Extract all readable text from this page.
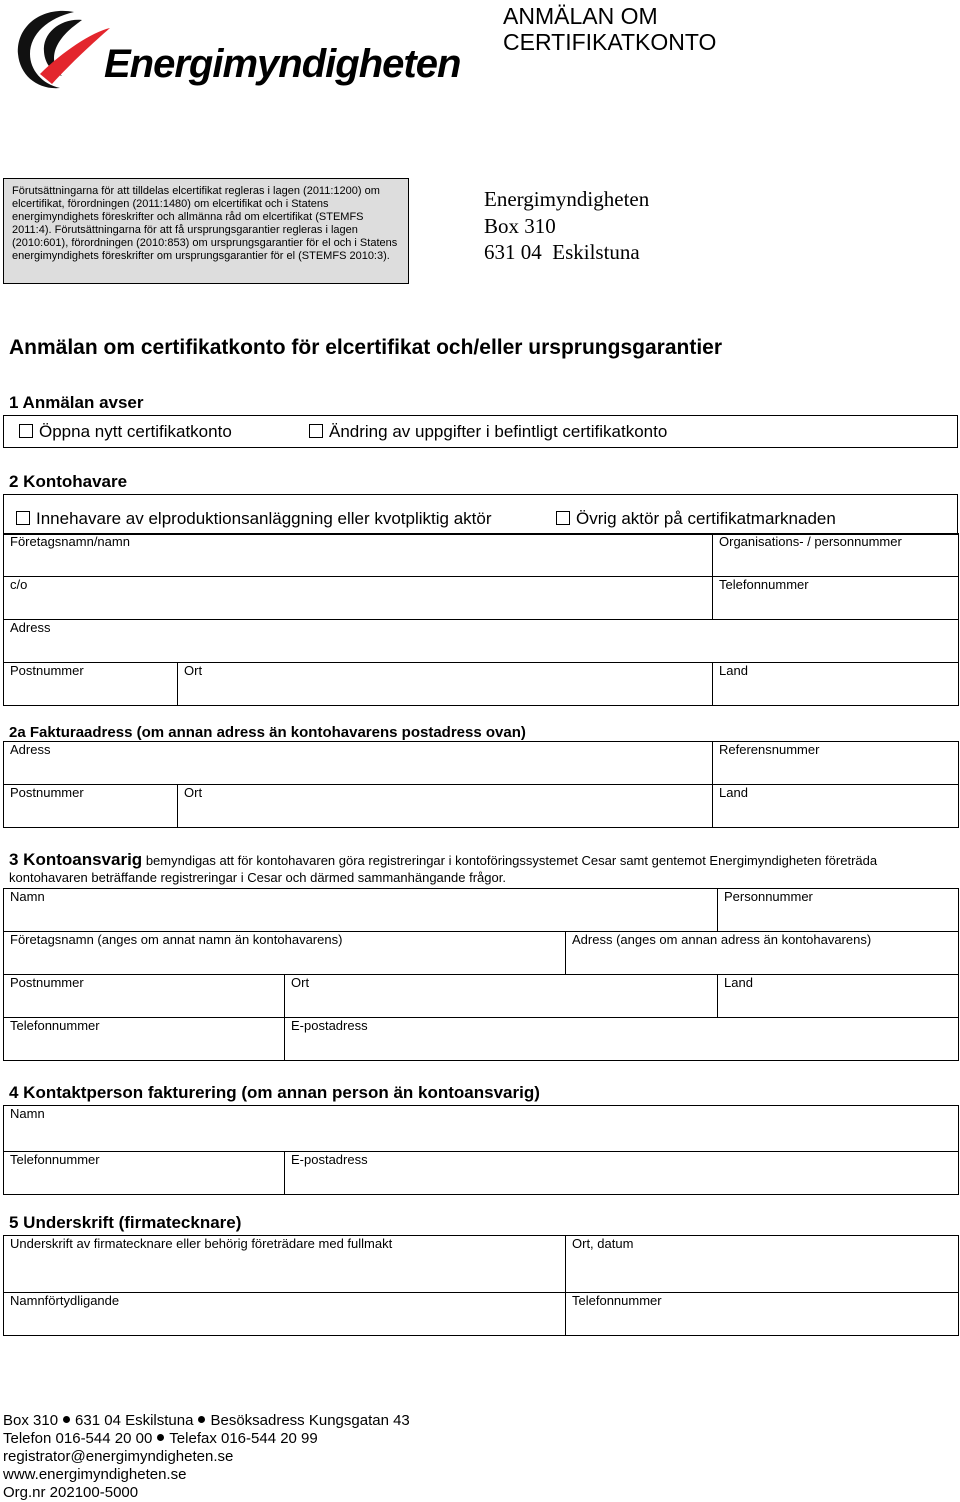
Energimyndigheten
ANMÄLAN OM
CERTIFIKATKONTO
Förutsättningarna för att tilldelas elcertifikat regleras i lagen (2011:1200) om elcertifikat, förordningen (2011:1480) om elcertifikat och i Statens energimyndighets föreskrifter och allmänna råd om elcertifikat (STEMFS 2011:4). Förutsättningarna för att få ursprungsgarantier regleras i lagen (2010:601), förordningen (2010:853) om ursprungsgarantier för el och i Statens energimyndighets föreskrifter om ursprungsgarantier för el (STEMFS 2010:3).
Energimyndigheten
Box 310
631 04  Eskilstuna
Anmälan om certifikatkonto för elcertifikat och/eller ursprungsgarantier
1 Anmälan avser
Öppna nytt certifikatkonto	Ändring av uppgifter i befintligt certifikatkonto
2 Kontohavare
Innehavare av elproduktionsanläggning eller kvotpliktig aktör	Övrig aktör på certifikatmarknaden
Företagsnamn/namn		Organisations- / personnummer
c/o		Telefonnummer
Adress		
Postnummer	Ort	Land
2a Fakturaadress (om annan adress än kontohavarens postadress ovan)
Adress		Referensnummer
Postnummer	Ort	Land
3 Kontoansvarig bemyndigas att för kontohavaren göra registreringar i kontoföringssystemet Cesar samt gentemot Energimyndigheten företräda kontohavaren beträffande registreringar i Cesar och därmed sammanhängande frågor.
Namn			Personnummer
Företagsnamn (anges om annat namn än kontohavarens)		Adress (anges om annan adress än kontohavarens)	
Postnummer	Ort		Land
Telefonnummer	E-postadress		
4 Kontaktperson fakturering (om annan person än kontoansvarig)
Namn
Telefonnummer	E-postadress
5 Underskrift (firmatecknare)
Underskrift av firmatecknare eller behörig företrädare med fullmakt	Ort, datum
Namnförtydligande	Telefonnummer
Box 310 631 04 Eskilstuna Besöksadress Kungsgatan 43
Telefon 016-544 20 00 Telefax 016-544 20 99
registrator@energimyndigheten.se
www.energimyndigheten.se
Org.nr 202100-5000
